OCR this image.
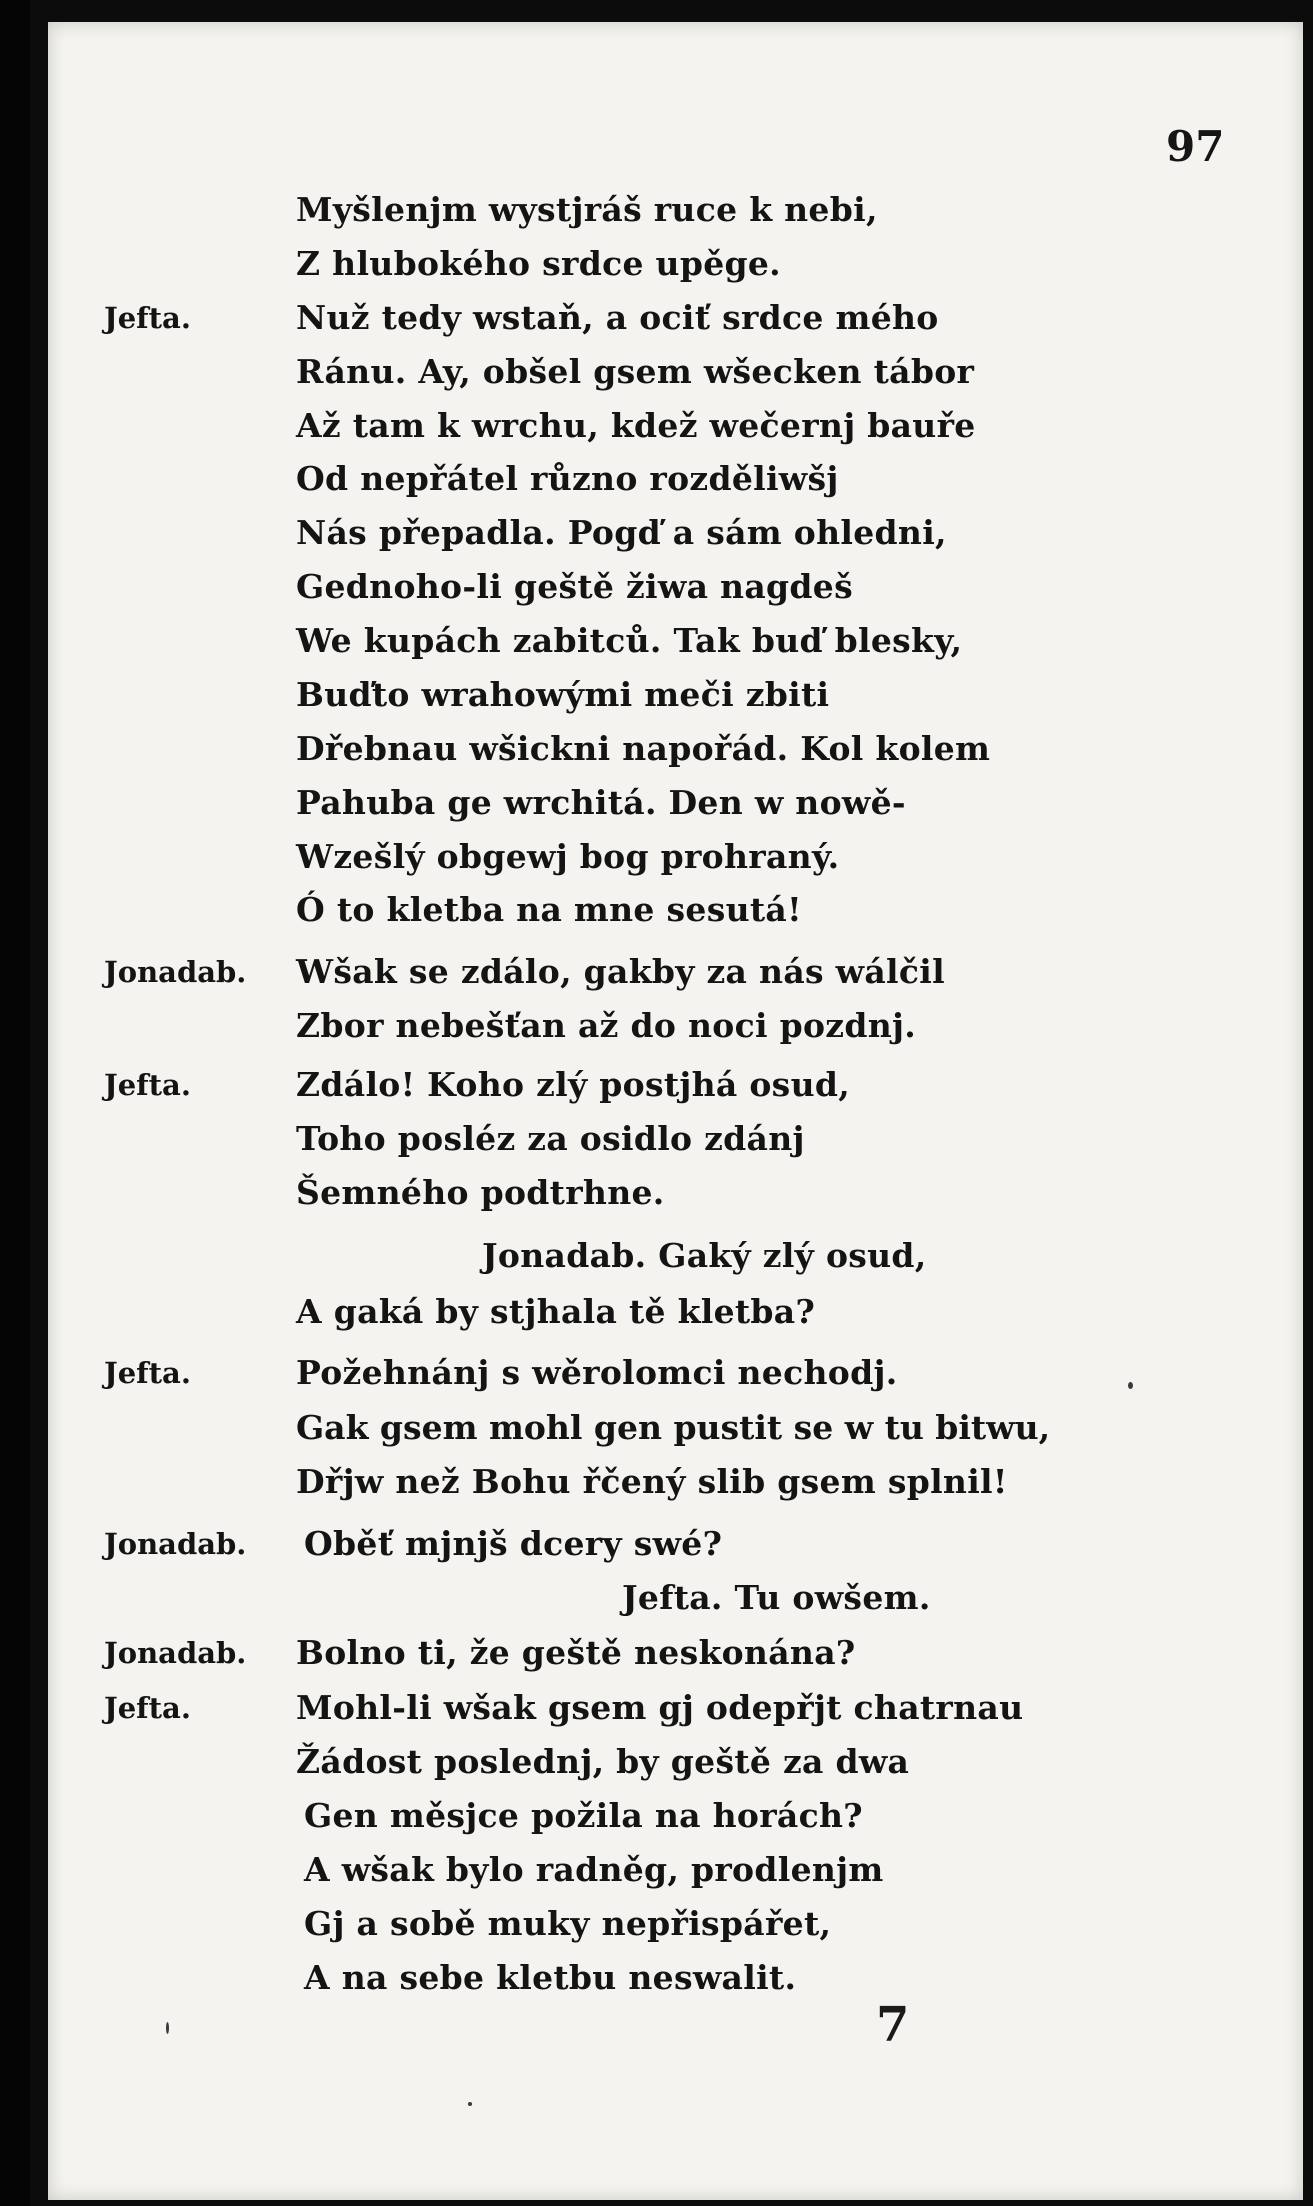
97
Myšlenjm wystjráš ruce k nebi,
Z hlubokého srdce upěge.
Jefta.	Nuž tedy wstaň, a ociť srdce mého
Ránu. Ay, obšel gsem wšecken tábor
Až tam k wrchu, kdež wečernj bauře
Od nepřátel různo rozděliwšj
Nás přepadla. Pogď a sám ohledni,
Gednoho-li geště žiwa nagdeš
We kupách zabitců. Tak buď blesky,
Buďto wrahowými meči zbiti
Dřebnau wšickni napořád. Kol kolem
Pahuba ge wrchitá. Den w nowě-
Wzešlý obgewj bog prohraný.
Ó to kletba na mne sesutá!
Jonadab. Wšak se zdálo, gakby za nás wálčil
Zbor nebešťan až do noci pozdnj.
Jefta.	Zdálo! Koho zlý postjhá osud,
Toho posléz za osidlo zdánj
Šemného podtrhne.
Jonadab. Gaký zlý osud,
A gaká by stjhala tě kletba?
Jefta.	Požehnánj s wěrolomci nechodj.
Gak gsem mohl gen pustit se w tu bitwu,
Dřjw než Bohu řčený slib gsem splnil!
Jonadab. Oběť mjnjš dcery swé?
Jefta. Tu owšem.
Jonadab. Bolno ti, že geště neskonána?
Jefta.	Mohl-li wšak gsem gj odepřjt chatrnau
Žádost poslednj, by geště za dwa
Gen měsjce požila na horách?
A wšak bylo radněg, prodlenjm
Gj a sobě muky nepřispářet,
A na sebe kletbu neswalit.
7
